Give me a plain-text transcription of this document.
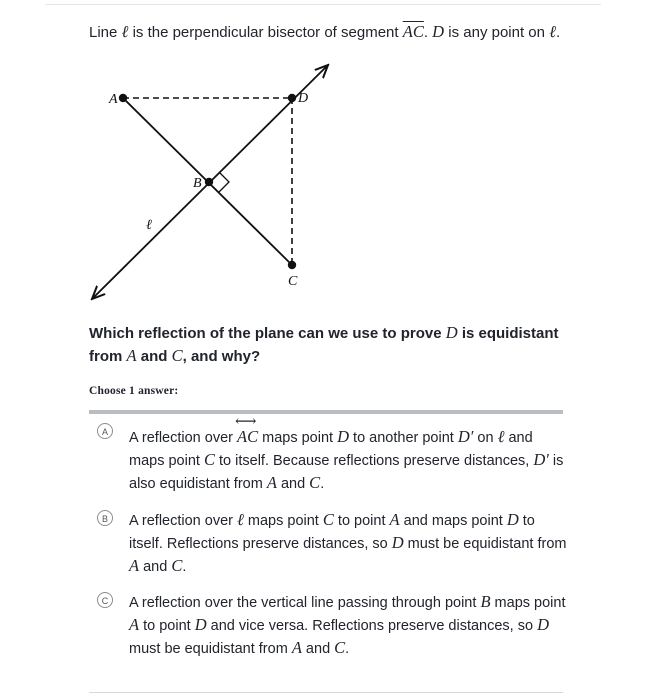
Line ℓ is the perpendicular bisector of segment $\overline{AC}$. D is any point on ℓ.
A
B
C
D
ℓ
Which reflection of the plane can we use to prove D is equidistant from A and C, and why?
Choose 1 answer:
A	A reflection over ⟷ AC maps point D to another point D′ on ℓ and maps point C to itself. Because reflections preserve distances, D′ is also equidistant from A and C.
B	A reflection over ℓ maps point C to point A and maps point D to itself. Reflections preserve distances, so D must be equidistant from A and C.
C	A reflection over the vertical line passing through point B maps point A to point D and vice versa. Reflections preserve distances, so D must be equidistant from A and C.
